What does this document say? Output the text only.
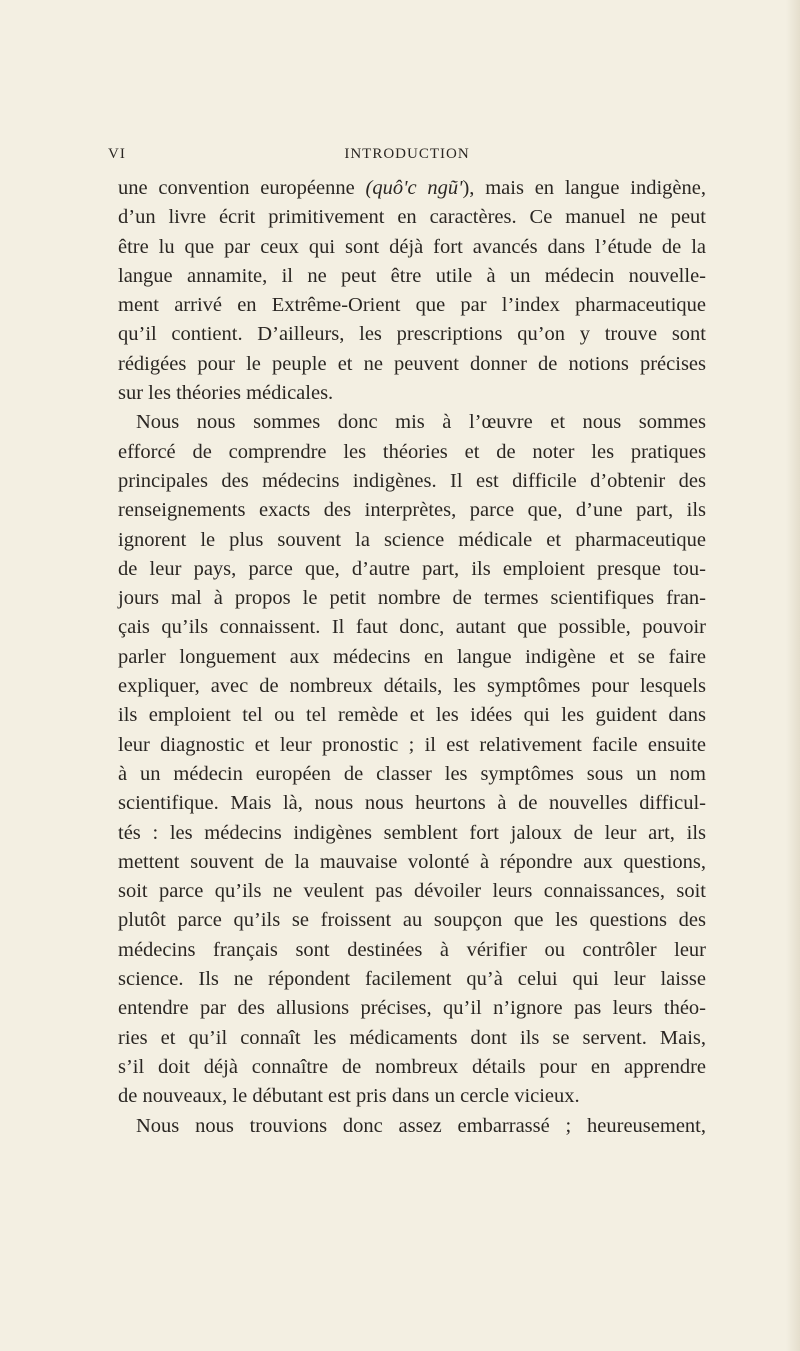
VI	INTRODUCTION
une convention européenne (quô'c ngũ'), mais en langue indigène,
d’un livre écrit primitivement en caractères. Ce manuel ne peut
être lu que par ceux qui sont déjà fort avancés dans l’étude de la
langue annamite, il ne peut être utile à un médecin nouvelle-
ment arrivé en Extrême-Orient que par l’index pharmaceutique
qu’il contient. D’ailleurs, les prescriptions qu’on y trouve sont
rédigées pour le peuple et ne peuvent donner de notions précises
sur les théories médicales.
Nous nous sommes donc mis à l’œuvre et nous sommes
efforcé de comprendre les théories et de noter les pratiques
principales des médecins indigènes. Il est difficile d’obtenir des
renseignements exacts des interprètes, parce que, d’une part, ils
ignorent le plus souvent la science médicale et pharmaceutique
de leur pays, parce que, d’autre part, ils emploient presque tou-
jours mal à propos le petit nombre de termes scientifiques fran-
çais qu’ils connaissent. Il faut donc, autant que possible, pouvoir
parler longuement aux médecins en langue indigène et se faire
expliquer, avec de nombreux détails, les symptômes pour lesquels
ils emploient tel ou tel remède et les idées qui les guident dans
leur diagnostic et leur pronostic ; il est relativement facile ensuite
à un médecin européen de classer les symptômes sous un nom
scientifique. Mais là, nous nous heurtons à de nouvelles difficul-
tés : les médecins indigènes semblent fort jaloux de leur art, ils
mettent souvent de la mauvaise volonté à répondre aux questions,
soit parce qu’ils ne veulent pas dévoiler leurs connaissances, soit
plutôt parce qu’ils se froissent au soupçon que les questions des
médecins français sont destinées à vérifier ou contrôler leur
science. Ils ne répondent facilement qu’à celui qui leur laisse
entendre par des allusions précises, qu’il n’ignore pas leurs théo-
ries et qu’il connaît les médicaments dont ils se servent. Mais,
s’il doit déjà connaître de nombreux détails pour en apprendre
de nouveaux, le débutant est pris dans un cercle vicieux.
Nous nous trouvions donc assez embarrassé ; heureusement,
